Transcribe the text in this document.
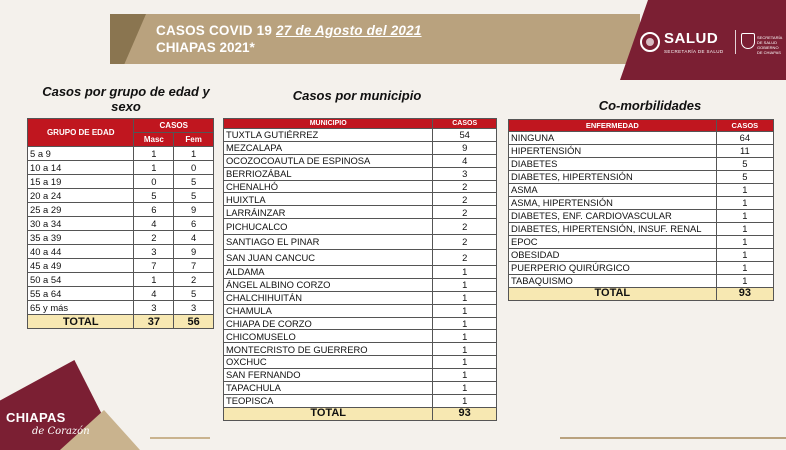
CASOS COVID 19 27 de Agosto del 2021
CHIAPAS 2021*
SALUD
SECRETARÍA DE SALUD
SECRETARÍA DE SALUD GOBIERNO DE CHIAPAS
CHIAPAS
de Corazón
Casos por grupo de edad y sexo
Casos por municipio
Co-morbilidades
GRUPO DE EDAD	CASOS	
	Masc	Fem
5 a 9	1	1
10 a 14	1	0
15 a 19	0	5
20 a 24	5	5
25 a 29	6	9
30 a 34	4	6
35 a 39	2	4
40 a 44	3	9
45 a 49	7	7
50 a 54	1	2
55 a 64	4	5
65 y más	3	3
TOTAL	37	56
MUNICIPIO	CASOS
TUXTLA GUTIÉRREZ	54
MEZCALAPA	9
OCOZOCOAUTLA DE ESPINOSA	4
BERRIOZÁBAL	3
CHENALHÓ	2
HUIXTLA	2
LARRÁINZAR	2
PICHUCALCO	2
SANTIAGO EL PINAR	2
SAN JUAN CANCUC	2
ALDAMA	1
ÁNGEL ALBINO CORZO	1
CHALCHIHUITÁN	1
CHAMULA	1
CHIAPA DE CORZO	1
CHICOMUSELO	1
MONTECRISTO DE GUERRERO	1
OXCHUC	1
SAN FERNANDO	1
TAPACHULA	1
TEOPISCA	1
TOTAL	93
ENFERMEDAD	CASOS
NINGUNA	64
HIPERTENSIÓN	11
DIABETES	5
DIABETES, HIPERTENSIÓN	5
ASMA	1
ASMA, HIPERTENSIÓN	1
DIABETES, ENF. CARDIOVASCULAR	1
DIABETES, HIPERTENSIÓN, INSUF. RENAL	1
EPOC	1
OBESIDAD	1
PUERPERIO QUIRÚRGICO	1
TABAQUISMO	1
TOTAL	93
